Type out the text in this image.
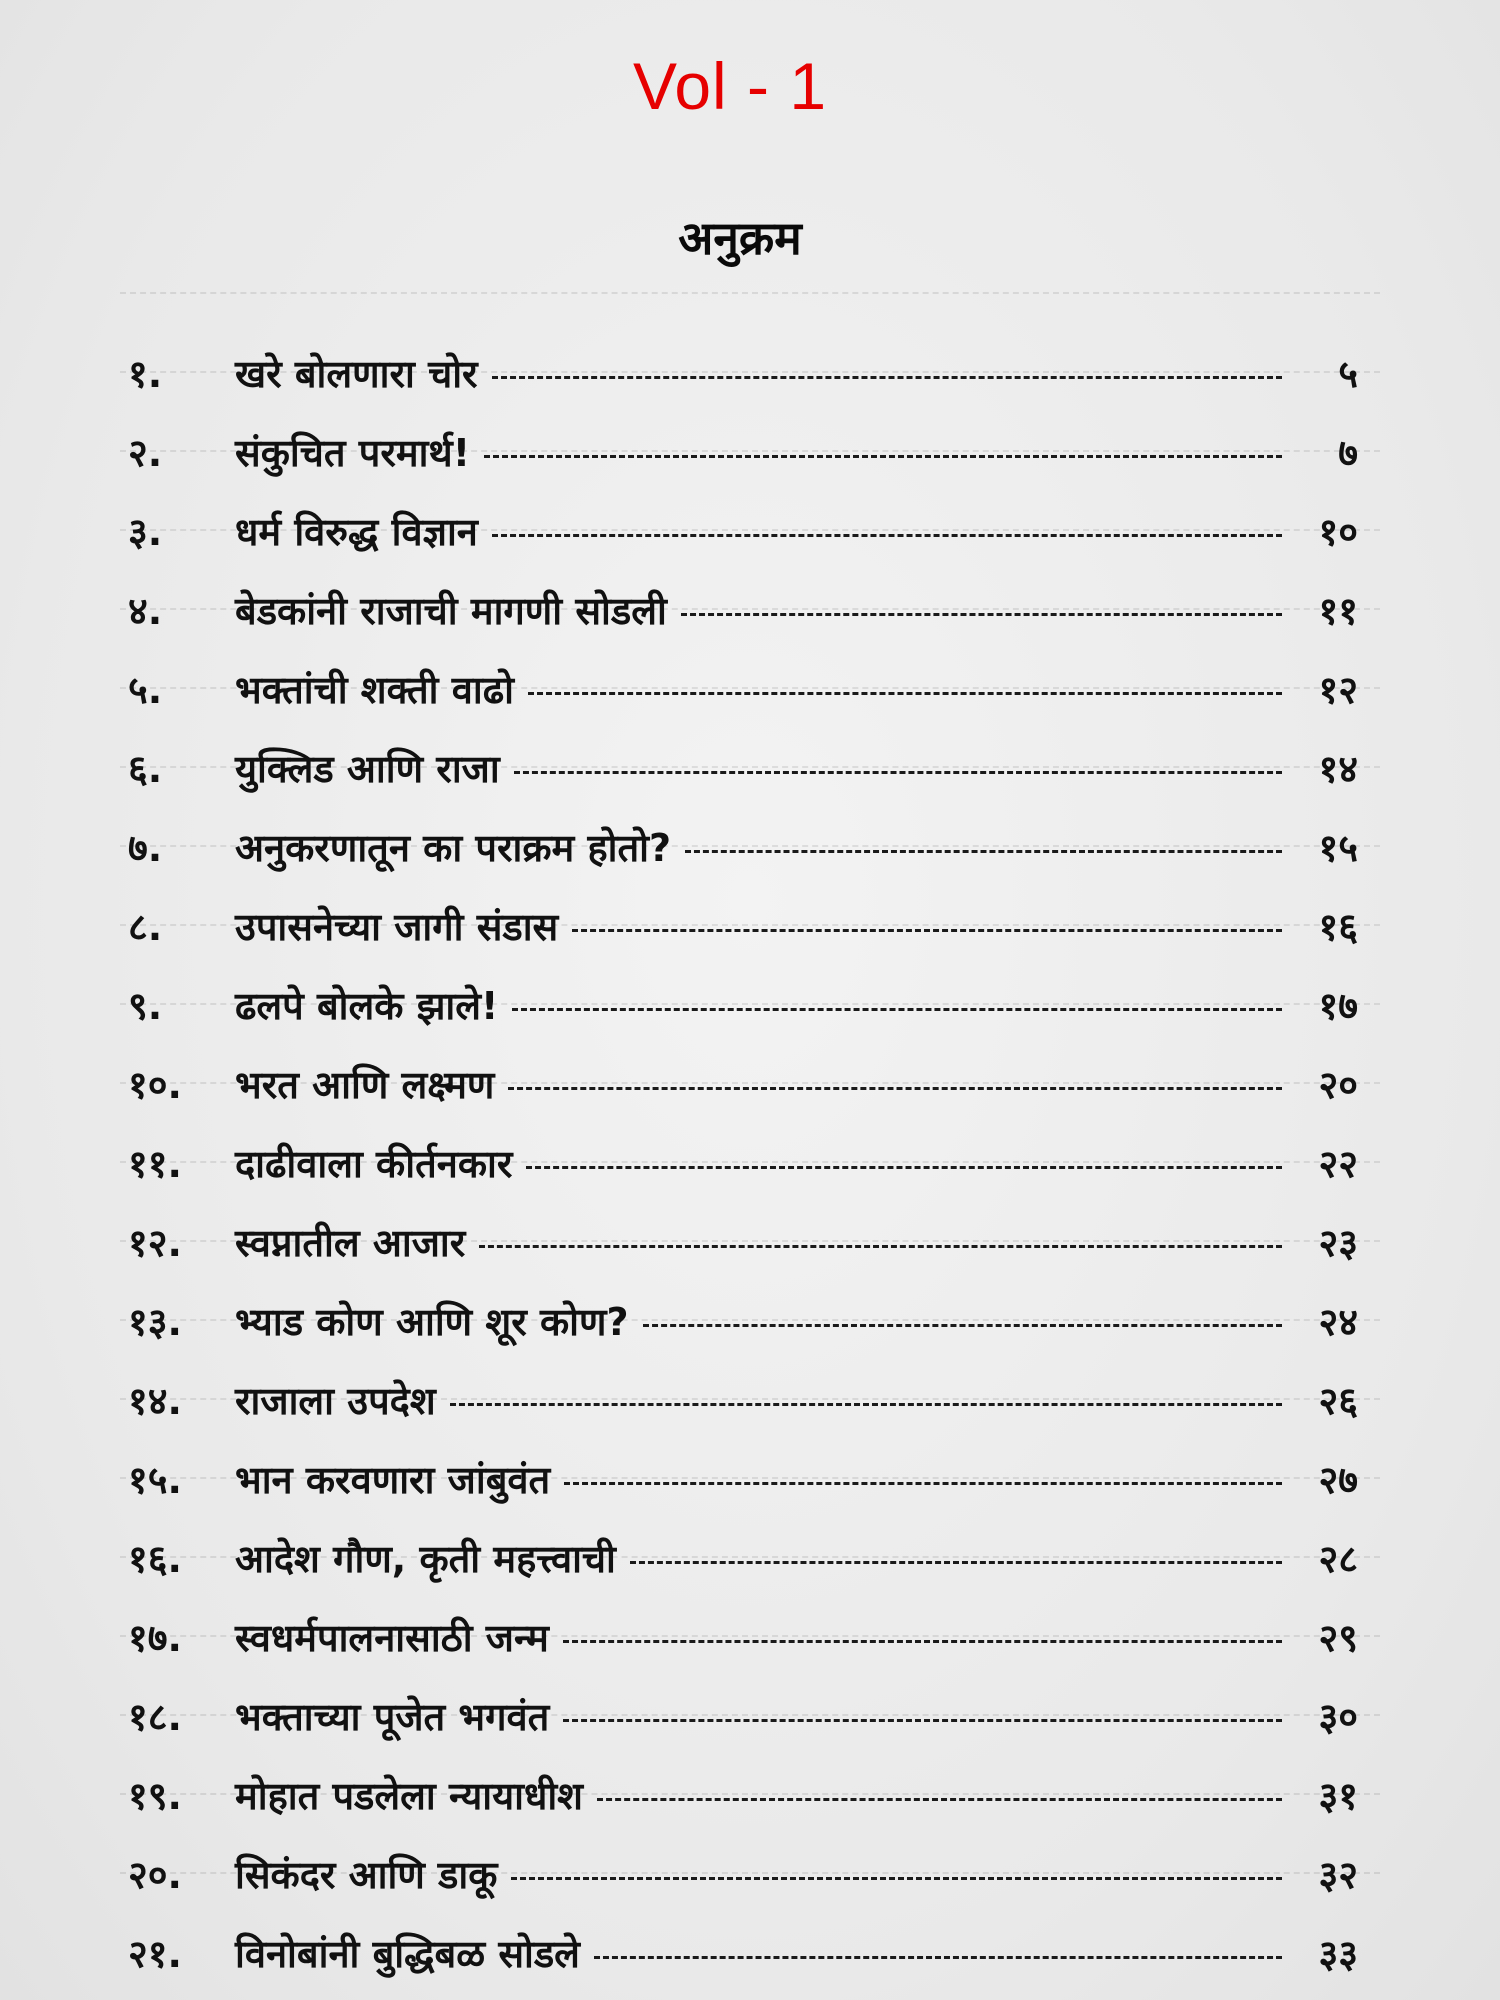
Vol - 1
अनुक्रम
१.	खरे बोलणारा चोर	५
२.	संकुचित परमार्थ!	७
३.	धर्म विरुद्ध विज्ञान	१०
४.	बेडकांनी राजाची मागणी सोडली	११
५.	भक्तांची शक्ती वाढो	१२
६.	युक्लिड आणि राजा	१४
७.	अनुकरणातून का पराक्रम होतो?	१५
८.	उपासनेच्या जागी संडास	१६
९.	ढलपे बोलके झाले!	१७
१०.	भरत आणि लक्ष्मण	२०
११.	दाढीवाला कीर्तनकार	२२
१२.	स्वप्नातील आजार	२३
१३.	भ्याड कोण आणि शूर कोण?	२४
१४.	राजाला उपदेश	२६
१५.	भान करवणारा जांबुवंत	२७
१६.	आदेश गौण, कृती महत्त्वाची	२८
१७.	स्वधर्मपालनासाठी जन्म	२९
१८.	भक्ताच्या पूजेत भगवंत	३०
१९.	मोहात पडलेला न्यायाधीश	३१
२०.	सिकंदर आणि डाकू	३२
२१.	विनोबांनी बुद्धिबळ सोडले	३३
